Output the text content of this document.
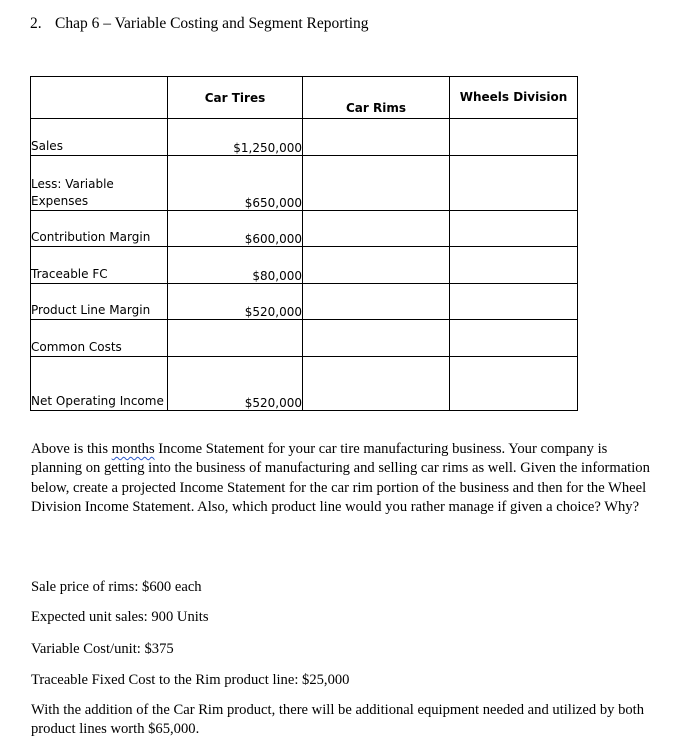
2. Chap 6 – Variable Costing and Segment Reporting
	Car Tires	Car Rims	Wheels Division
Sales	$1,250,000		
Less: Variable Expenses	$650,000		
Contribution Margin	$600,000		
Traceable FC	$80,000		
Product Line Margin	$520,000		
Common Costs			
Net Operating Income	$520,000		
Above is this months Income Statement for your car tire manufacturing business. Your company is planning on getting into the business of manufacturing and selling car rims as well. Given the information below, create a projected Income Statement for the car rim portion of the business and then for the Wheel Division Income Statement. Also, which product line would you rather manage if given a choice? Why?
Sale price of rims: $600 each
Expected unit sales: 900 Units
Variable Cost/unit: $375
Traceable Fixed Cost to the Rim product line: $25,000
With the addition of the Car Rim product, there will be additional equipment needed and utilized by both product lines worth $65,000.
